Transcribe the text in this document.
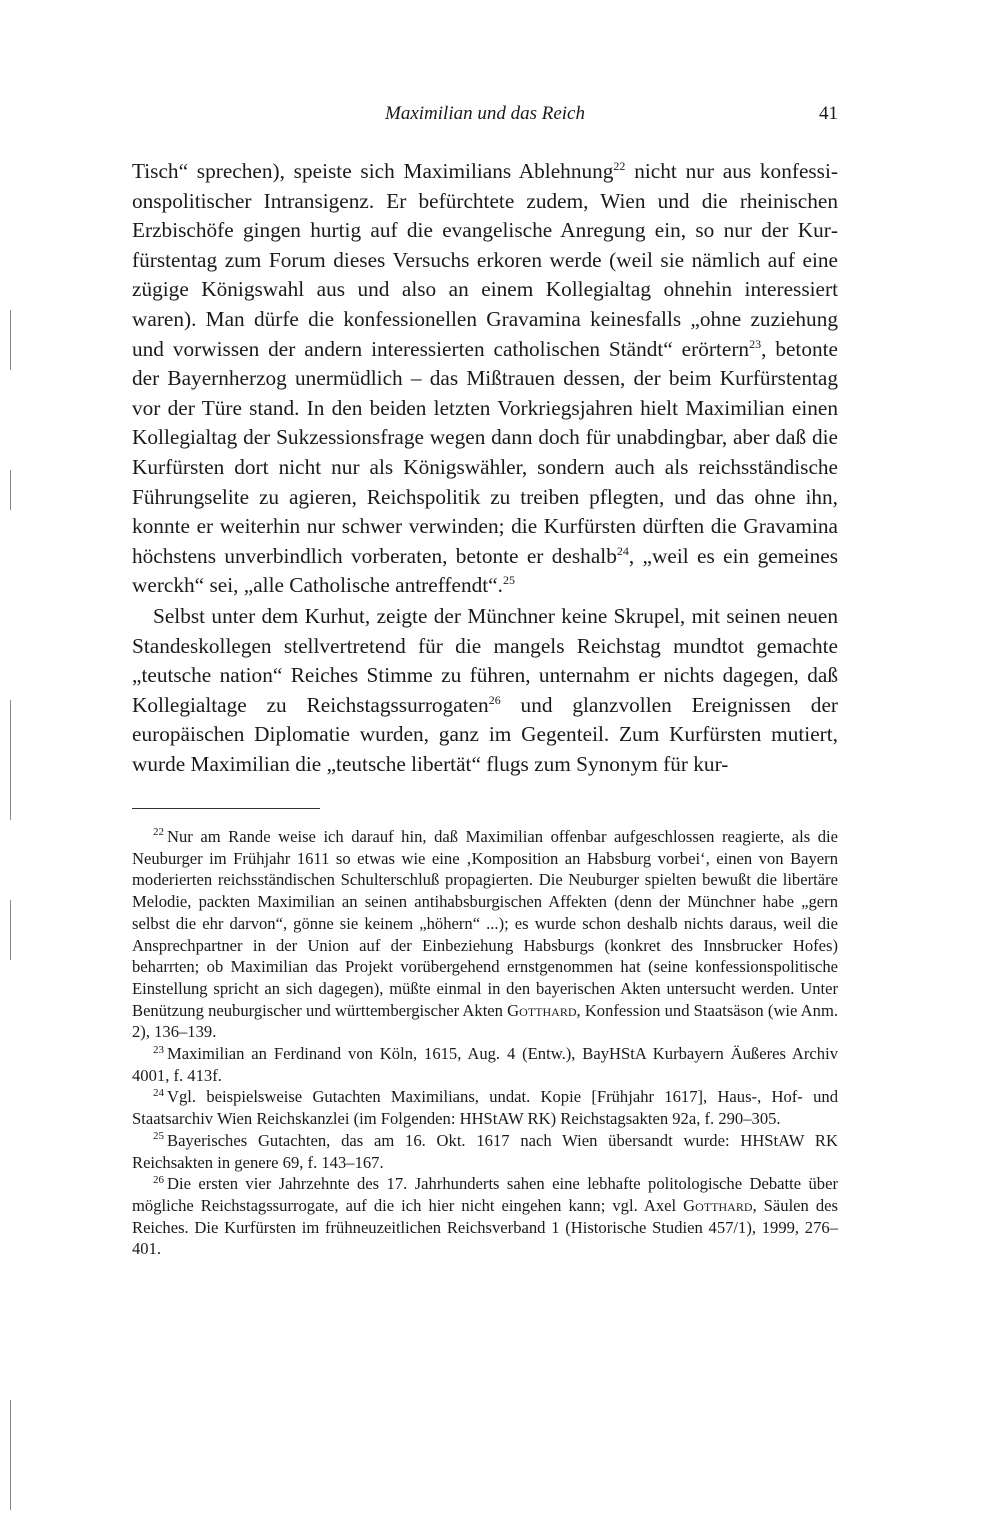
Maximilian und das Reich	41

Tisch“ sprechen), speiste sich Maximilians Ablehnung$^{22}$ nicht nur aus konfessionspolitischer Intransigenz. Er befürchtete zudem, Wien und die rheinischen Erzbischöfe gingen hurtig auf die evangelische Anregung ein, so nur der Kurfürstentag zum Forum dieses Versuchs erkoren werde (weil sie nämlich auf eine zügige Königswahl aus und also an einem Kollegialtag ohnehin interessiert waren). Man dürfe die konfessionellen Gravamina keinesfalls „ohne zuziehung und vorwissen der andern interessierten catholischen Ständt“ erörtern$^{23}$, betonte der Bayernherzog unermüdlich – das Mißtrauen dessen, der beim Kurfürstentag vor der Türe stand. In den beiden letzten Vorkriegsjahren hielt Maximilian einen Kollegialtag der Sukzessionsfrage wegen dann doch für unabdingbar, aber daß die Kurfürsten dort nicht nur als Königswähler, sondern auch als reichsständische Führungselite zu agieren, Reichspolitik zu treiben pflegten, und das ohne ihn, konnte er weiterhin nur schwer verwinden; die Kurfürsten dürften die Gravamina höchstens unverbindlich vorberaten, betonte er deshalb$^{24}$, „weil es ein gemeines werckh“ sei, „alle Catholische antreffendt“.$^{25}$

Selbst unter dem Kurhut, zeigte der Münchner keine Skrupel, mit seinen neuen Standeskollegen stellvertretend für die mangels Reichstag mundtot gemachte „teutsche nation“ Reiches Stimme zu führen, unternahm er nichts dagegen, daß Kollegialtage zu Reichstagssurrogaten$^{26}$ und glanzvollen Ereignissen der europäischen Diplomatie wurden, ganz im Gegenteil. Zum Kurfürsten mutiert, wurde Maximilian die „teutsche libertät“ flugs zum Synonym für kur-

$^{22}$ Nur am Rande weise ich darauf hin, daß Maximilian offenbar aufgeschlossen reagierte, als die Neuburger im Frühjahr 1611 so etwas wie eine ‚Komposition an Habsburg vorbei‘, einen von Bayern moderierten reichsständischen Schulterschluß propagierten. Die Neuburger spielten bewußt die libertäre Melodie, packten Maximilian an seinen antihabsburgischen Affekten (denn der Münchner habe „gern selbst die ehr darvon“, gönne sie keinem „höhern“ ...); es wurde schon deshalb nichts daraus, weil die Ansprechpartner in der Union auf der Einbeziehung Habsburgs (konkret des Innsbrucker Hofes) beharrten; ob Maximilian das Projekt vorübergehend ernstgenommen hat (seine konfessionspolitische Einstellung spricht an sich dagegen), müßte einmal in den bayerischen Akten untersucht werden. Unter Benützung neuburgischer und württembergischer Akten Gotthard, Konfession und Staatsäson (wie Anm. 2), 136–139.

$^{23}$ Maximilian an Ferdinand von Köln, 1615, Aug. 4 (Entw.), BayHStA Kurbayern Äußeres Archiv 4001, f. 413f.

$^{24}$ Vgl. beispielsweise Gutachten Maximilians, undat. Kopie [Frühjahr 1617], Haus-, Hof- und Staatsarchiv Wien Reichskanzlei (im Folgenden: HHStAW RK) Reichstagsakten 92a, f. 290–305.

$^{25}$ Bayerisches Gutachten, das am 16. Okt. 1617 nach Wien übersandt wurde: HHStAW RK Reichsakten in genere 69, f. 143–167.

$^{26}$ Die ersten vier Jahrzehnte des 17. Jahrhunderts sahen eine lebhafte politologische Debatte über mögliche Reichstagssurrogate, auf die ich hier nicht eingehen kann; vgl. Axel Gotthard, Säulen des Reiches. Die Kurfürsten im frühneuzeitlichen Reichsverband 1 (Historische Studien 457/1), 1999, 276–401.
